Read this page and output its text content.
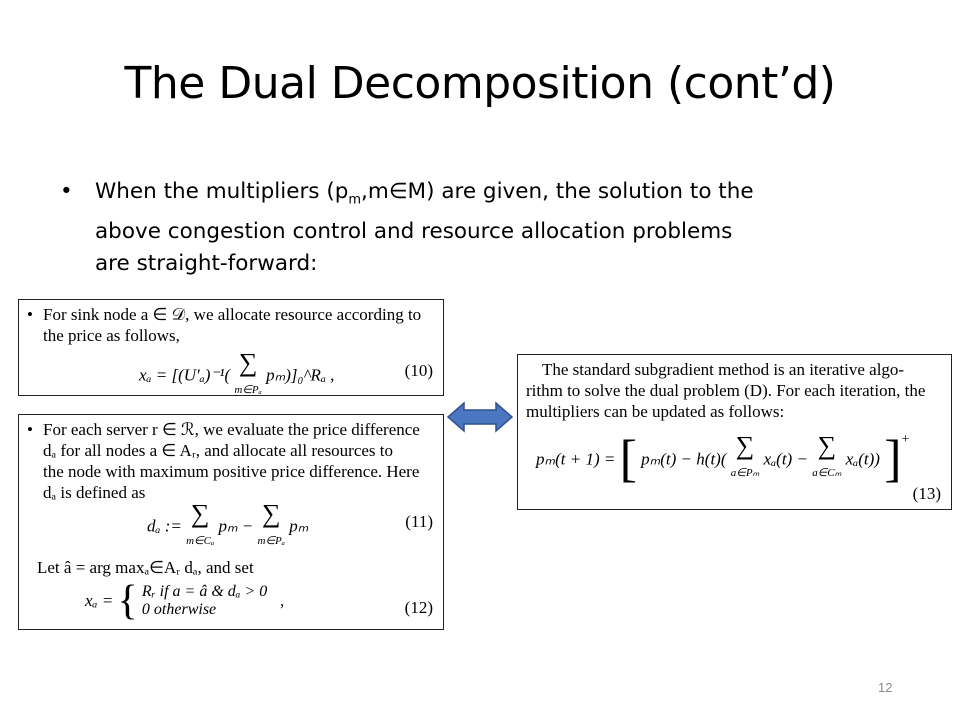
The Dual Decomposition (cont’d)
• When the multipliers $(p_m,m\in M)$ are given, the solution to the
above congestion control and resource allocation problems
are straight-forward:
• For sink node a ∈ 𝒟, we allocate resource according to
the price as follows,
xₐ = [(U′ₐ)⁻¹( ∑
m∈Pₐ pₘ)]₀^Rₐ ,	(10)
• For each server r ∈ ℛ, we evaluate the price difference
dₐ for all nodes a ∈ Aᵣ, and allocate all resources to
the node with maximum positive price difference. Here
dₐ is defined as
dₐ := ∑
m∈Cₐ pₘ − ∑
m∈Pₐ pₘ	(11)
Let â = arg maxₐ∈Aᵣ dₐ, and set
xₐ = { Rᵣ if a = â & dₐ > 0
0 otherwise	,	(12)
The standard subgradient method is an iterative algo-
rithm to solve the dual problem (D). For each iteration, the
multipliers can be updated as follows:
pₘ(t + 1) = [ pₘ(t) − h(t)( ∑
a∈Pₘ xₐ(t) − ∑
a∈Cₘ xₐ(t)) ]+
(13)
12
